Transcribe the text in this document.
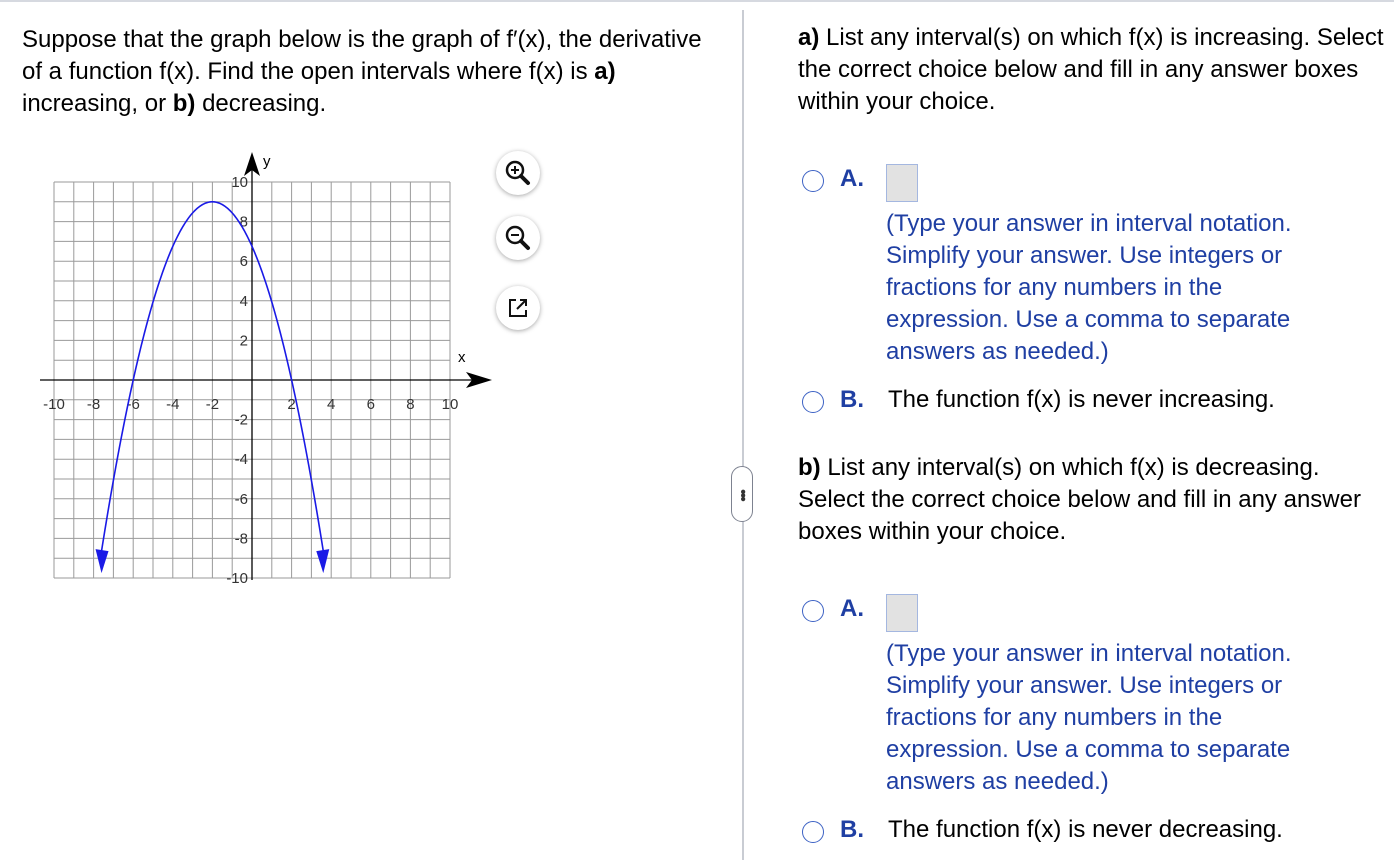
Suppose that the graph below is the graph of f′(x), the derivative of a function f(x). Find the open intervals where f(x) is a) increasing, or b) decreasing.
x
y
-10 -8 -6 -4 -2	2 4 6 8 10
10
8
6
4
2
-2
-4
-6
-8
-10
•••
a) List any interval(s) on which f(x) is increasing. Select the correct choice below and fill in any answer boxes within your choice.
A.
(Type your answer in interval notation. Simplify your answer. Use integers or fractions for any numbers in the expression. Use a comma to separate answers as needed.)
B. The function f(x) is never increasing.
b) List any interval(s) on which f(x) is decreasing. Select the correct choice below and fill in any answer boxes within your choice.
A.
(Type your answer in interval notation. Simplify your answer. Use integers or fractions for any numbers in the expression. Use a comma to separate answers as needed.)
B. The function f(x) is never decreasing.
